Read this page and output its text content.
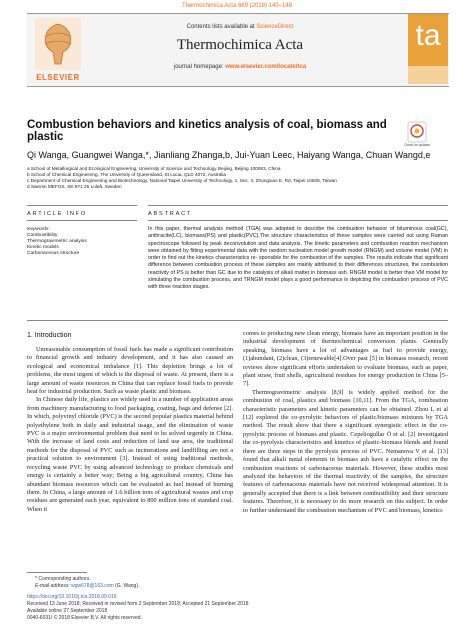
Thermochimica Acta 669 (2018) 140–148
ELSEVIER
Contents lists available at ScienceDirect
Thermochimica Acta
journal homepage: www.elsevier.com/locate/tca
ta
Combustion behaviors and kinetics analysis of coal, biomass and plastic
Check for updates
Qi Wanga, Guangwei Wanga,*, Jianliang Zhanga,b, Jui-Yuan Leec, Haiyang Wanga, Chuan Wangd,e
a School of Metallurgical and Ecological Engineering, University of Science and Technology Beijing, Beijing 100083, China
b School of Chemical Engineering, The University of Queensland, St Lucia, QLD 4072, Australia
c Department of Chemical Engineering and Biotechnology, National Taipei University of Technology, 1, Sec. 3, Zhongxiao E. Rd, Taipei 10608, Taiwan
d Swerim MEFOS, SE-971 25 Luleå, Sweden
ARTICLE INFO	ABSTRACT
Keywords:
Combustibility
Thermogravimetric analysis
Kinetic models
Carbonaceous structure
In this paper, thermal analysis method (TGA) was adopted to describe the combustion behavior of bituminous coal(GC), anthracite(LC), biomass(PS) and plastic(PVC).The structure characteristics of these samples were carried out using Raman spectroscope followed by peak deconvolution and data analysis. The kinetic parameters and combustion reaction mechanism were obtained by fitting experimental data with the random nucleation model growth model (RNGM) and volume model (VM) in order to find out the kinetics characteristics re- sponsible for the combustion of the samples. The results indicate that significant difference between combustion process of these samples are mainly attributed to their differences structures, the combustion reactivity of PS is better than GC due to the catalysis of alkali matter in biomass ash. RNGM model is better than VM model for simulating the combustion process, and TRNGM model plays a good performance in depicting the combustion process of PVC with three reaction stages.
1. Introduction

Unreasonable consumption of fossil fuels has made a significant contribution to financial growth and industry development, and it has also caused an ecological and economical imbalance [1]. This depletion brings a lot of problems, the most urgent of which is the disposal of waste. At present, there is a large amount of waste resources in China that can replace fossil fuels to provide heat for industrial production. Such as waste plastic and biomass.

In Chinese daily life, plastics are widely used in a number of application areas from machinery manufacturing to food packaging, coating, bags and defense [2]. In which, polyvinyl chloride (PVC) is the second popular plastics material behind polyethylene both in daily and industrial usage, and the elimination of waste PVC is a major environmental problem that need to be solved urgently in China. With the increase of land costs and reduction of land use area, the traditional methods for the disposal of PVC such as incinerations and landfilling are not a practical solution to environment [3]. Instead of using traditional methods, recycling waste PVC by using advanced technology to produce chemicals and energy is certainly a better way; Being a big agricultural country, China has abundant biomass resources which can be evaluated as fuel instead of burning them. In China, a large amount of 1.6 billion tons of agricultural wastes and crop residues are generated each year, equivalent to 800 million tons of standard coal. When it

comes to producing new clean energy, biomass have an important position in the industrial development of thermochemical conversion plants. Generally speaking, biomass have a lot of advantages as fuel to provide energy, (1)abundant, (2)clean, (3)renewable[4].Over past [5] in biomass research, recent reviews show significant efforts undertaken to evaluate biomass, such as paper, plant straw, fruit shells, agricultural residues for energy production in China [5–7].

Thermogravimetric analysis [8,9] is widely applied method for the combustion of coal, plastics and biomass [10,11]. From the TGA, combustion characteristic parameters and kinetic parameters can be obtained. Zhou L et al [12] explored the co-pyrolytic behaviors of plastic/biomass mixtures by TGA method. The result show that there a significant synergistic effect in the co-pyrolytic process of biomass and plastic. Cepeliogullar Ö et al. [2] investigated the co-pyrolysis characteristics and kinetics of plastic-biomass blends and found there are three steps in the pyrolysis process of PVC. Nemanova V et al. [13] found that alkali metal elements in biomass ash have a catalytic effect on the combustion reactions of carbonaceous materials. However, these studies most analyzed the behaviors of the thermal reactivity of the samples, the structure features of carbonaceous materials have not received widespread attention. It is generally accepted that there is a link between combustibility and their structure features. Therefore, it is necessary to do more research on this subject. In order to further understand the combustion mechanism of PVC and biomass, kinetics

* Corresponding authors.
E-mail address: wgw678@163.com (G. Wang).
https://doi.org/10.1016/j.tca.2018.09.016
Received 13 June 2018; Received in revised form 2 September 2018; Accepted 21 September 2018
Available online 27 September 2018
0040-6031/ © 2018 Elsevier B.V. All rights reserved.
